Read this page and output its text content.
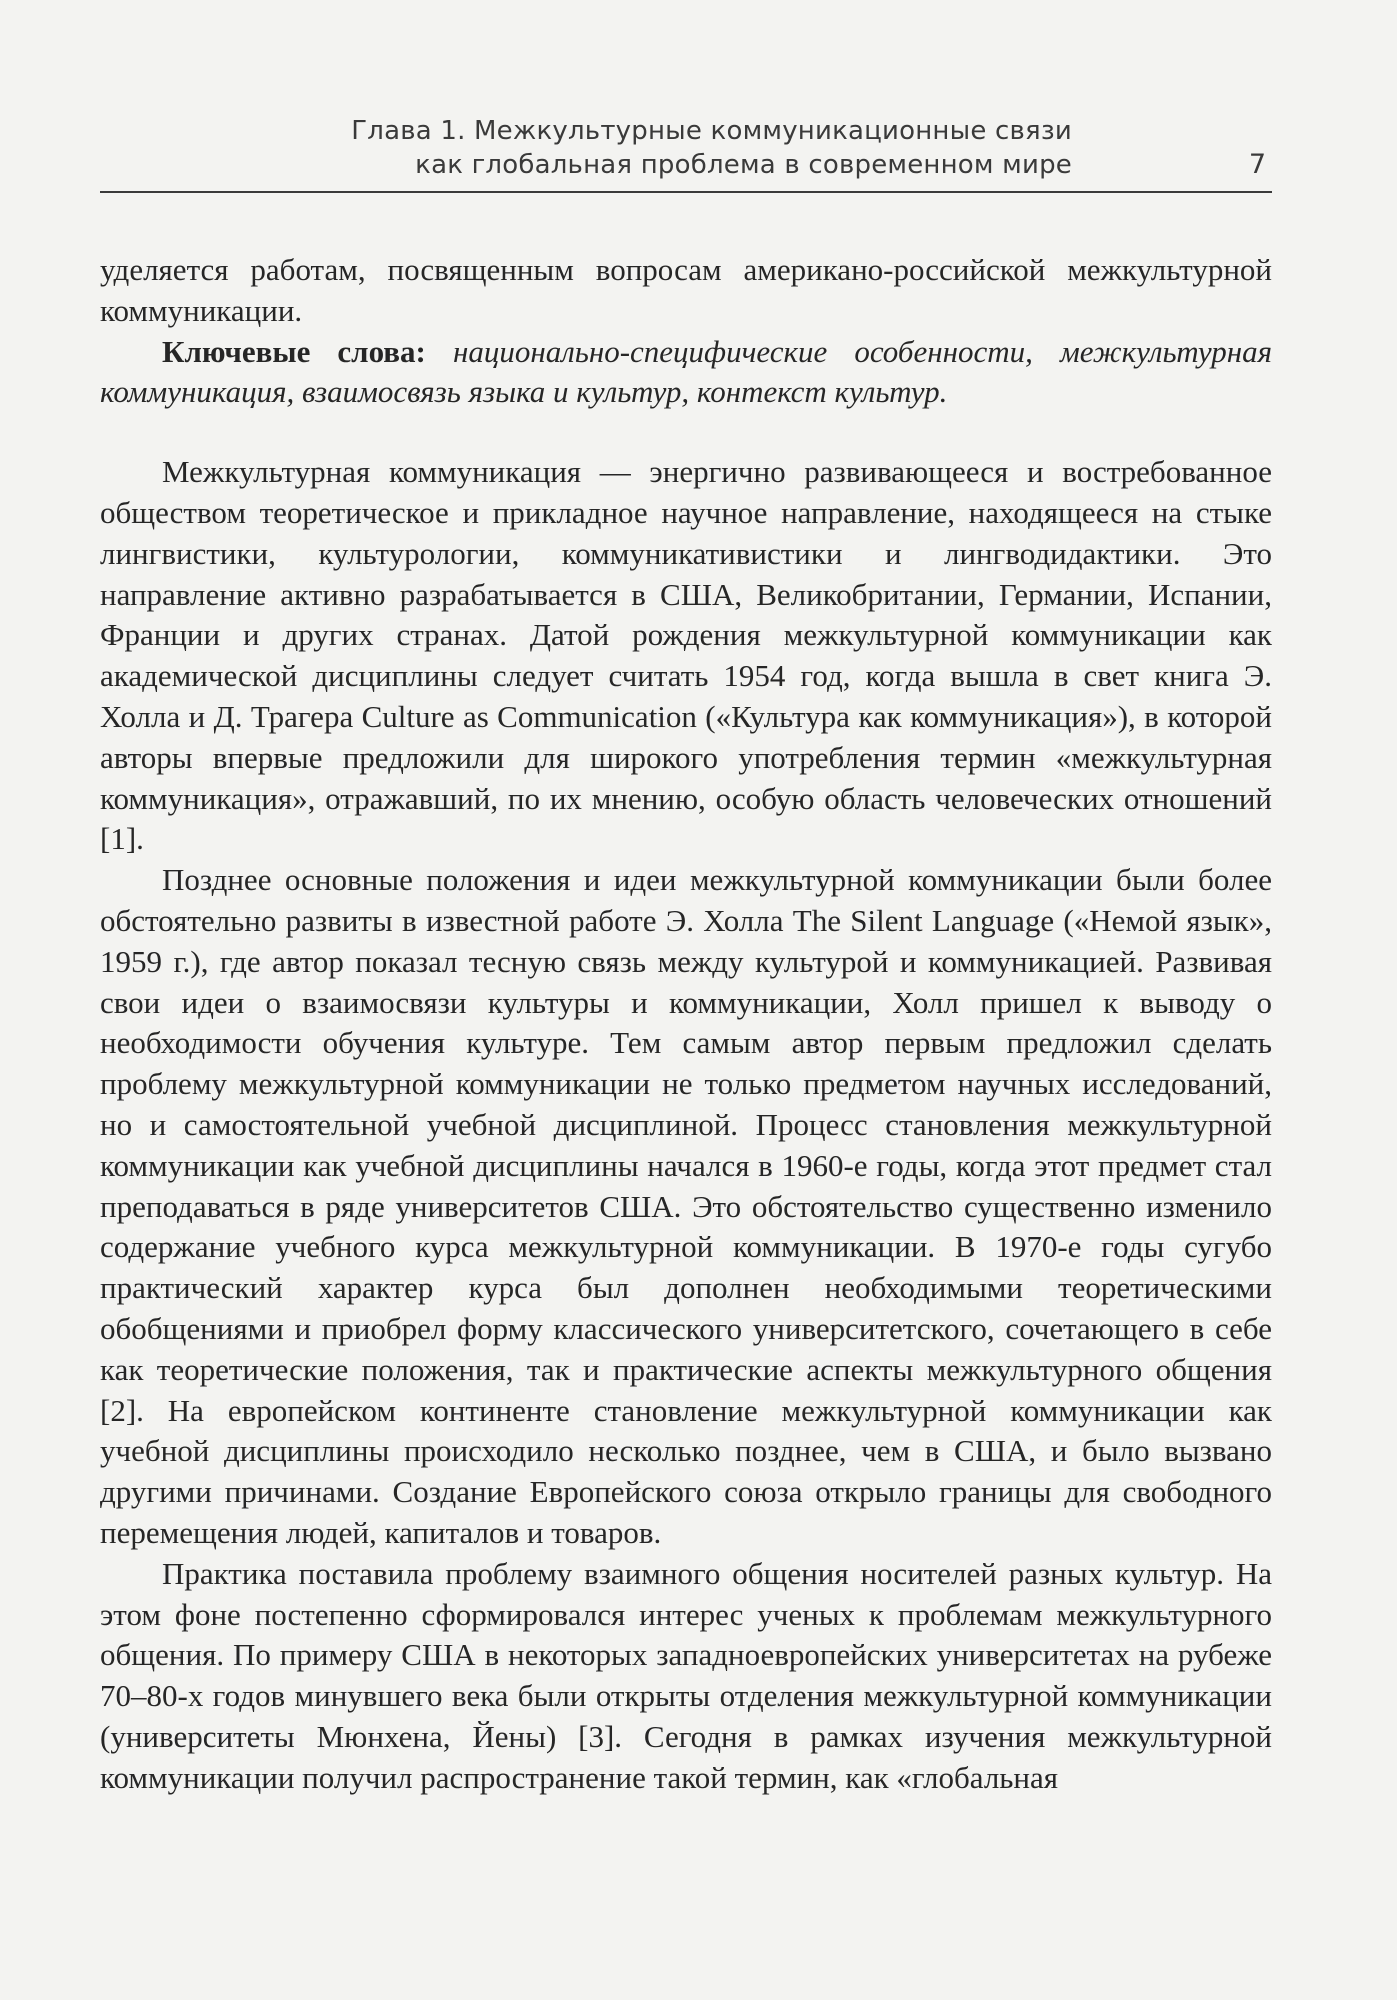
Глава 1. Межкультурные коммуникационные связи
как глобальная проблема в современном мире	7

уделяется работам, посвященным вопросам американо-российской межкультурной коммуникации.

Ключевые слова: национально-специфические особенности, межкультурная коммуникация, взаимосвязь языка и культур, контекст культур.

Межкультурная коммуникация — энергично развивающееся и востребованное обществом теоретическое и прикладное научное направление, находящееся на стыке лингвистики, культурологии, коммуникативистики и лингводидактики. Это направление активно разрабатывается в США, Великобритании, Германии, Испании, Франции и других странах. Датой рождения межкультурной коммуникации как академической дисциплины следует считать 1954 год, когда вышла в свет книга Э. Холла и Д. Трагера Culture as Communication («Культура как коммуникация»), в которой авторы впервые предложили для широкого употребления термин «межкультурная коммуникация», отражавший, по их мнению, особую область человеческих отношений [1].

Позднее основные положения и идеи межкультурной коммуникации были более обстоятельно развиты в известной работе Э. Холла The Silent Language («Немой язык», 1959 г.), где автор показал тесную связь между культурой и коммуникацией. Развивая свои идеи о взаимосвязи культуры и коммуникации, Холл пришел к выводу о необходимости обучения культуре. Тем самым автор первым предложил сделать проблему межкультурной коммуникации не только предметом научных исследований, но и самостоятельной учебной дисциплиной. Процесс становления межкультурной коммуникации как учебной дисциплины начался в 1960-е годы, когда этот предмет стал преподаваться в ряде университетов США. Это обстоятельство существенно изменило содержание учебного курса межкультурной коммуникации. В 1970-е годы сугубо практический характер курса был дополнен необходимыми теоретическими обобщениями и приобрел форму классического университетского, сочетающего в себе как теоретические положения, так и практические аспекты межкультурного общения [2]. На европейском континенте становление межкультурной коммуникации как учебной дисциплины происходило несколько позднее, чем в США, и было вызвано другими причинами. Создание Европейского союза открыло границы для свободного перемещения людей, капиталов и товаров.

Практика поставила проблему взаимного общения носителей разных культур. На этом фоне постепенно сформировался интерес ученых к проблемам межкультурного общения. По примеру США в некоторых западноевропейских университетах на рубеже 70–80-х годов минувшего века были открыты отделения межкультурной коммуникации (университеты Мюнхена, Йены) [3]. Сегодня в рамках изучения межкультурной коммуникации получил распространение такой термин, как «глобальная
